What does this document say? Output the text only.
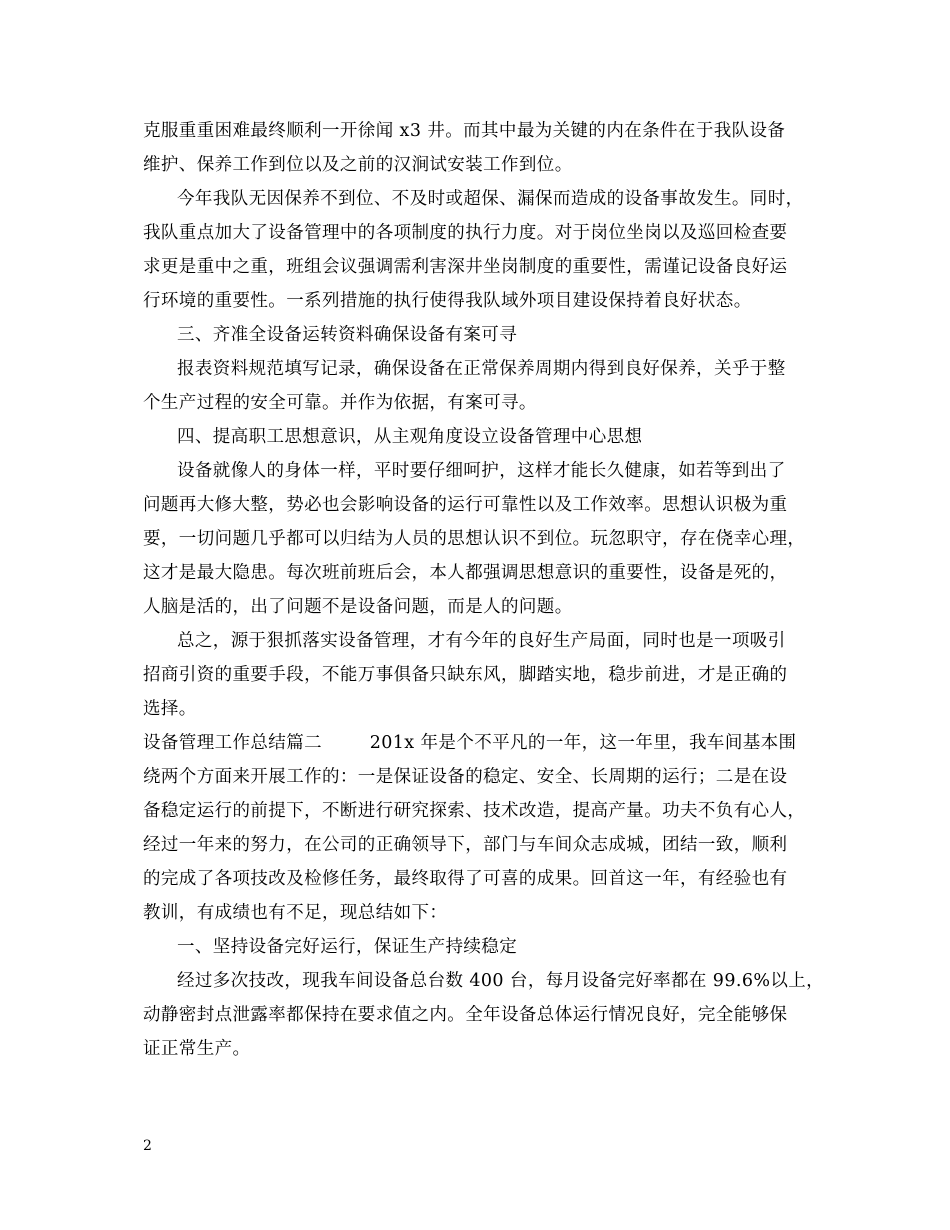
克服重重困难最终顺利一开徐闻 x3 井。而其中最为关键的内在条件在于我队设备
维护、保养工作到位以及之前的汉涧试安装工作到位。
今年我队无因保养不到位、不及时或超保、漏保而造成的设备事故发生。同时，
我队重点加大了设备管理中的各项制度的执行力度。对于岗位坐岗以及巡回检查要
求更是重中之重，班组会议强调需利害深井坐岗制度的重要性，需谨记设备良好运
行环境的重要性。一系列措施的执行使得我队域外项目建设保持着良好状态。
三、齐准全设备运转资料确保设备有案可寻
报表资料规范填写记录，确保设备在正常保养周期内得到良好保养，关乎于整
个生产过程的安全可靠。并作为依据，有案可寻。
四、提高职工思想意识，从主观角度设立设备管理中心思想
设备就像人的身体一样，平时要仔细呵护，这样才能长久健康，如若等到出了
问题再大修大整，势必也会影响设备的运行可靠性以及工作效率。思想认识极为重
要，一切问题几乎都可以归结为人员的思想认识不到位。玩忽职守，存在侥幸心理，
这才是最大隐患。每次班前班后会，本人都强调思想意识的重要性，设备是死的，
人脑是活的，出了问题不是设备问题，而是人的问题。
总之，源于狠抓落实设备管理，才有今年的良好生产局面，同时也是一项吸引
招商引资的重要手段，不能万事俱备只缺东风，脚踏实地，稳步前进，才是正确的
选择。
设备管理工作总结篇二        201x 年是个不平凡的一年，这一年里，我车间基本围
绕两个方面来开展工作的：一是保证设备的稳定、安全、长周期的运行；二是在设
备稳定运行的前提下，不断进行研究探索、技术改造，提高产量。功夫不负有心人，
经过一年来的努力，在公司的正确领导下，部门与车间众志成城，团结一致，顺利
的完成了各项技改及检修任务，最终取得了可喜的成果。回首这一年，有经验也有
教训，有成绩也有不足，现总结如下：
一、坚持设备完好运行，保证生产持续稳定
经过多次技改，现我车间设备总台数 400 台，每月设备完好率都在 99.6%以上，
动静密封点泄露率都保持在要求值之内。全年设备总体运行情况良好，完全能够保
证正常生产。
2
